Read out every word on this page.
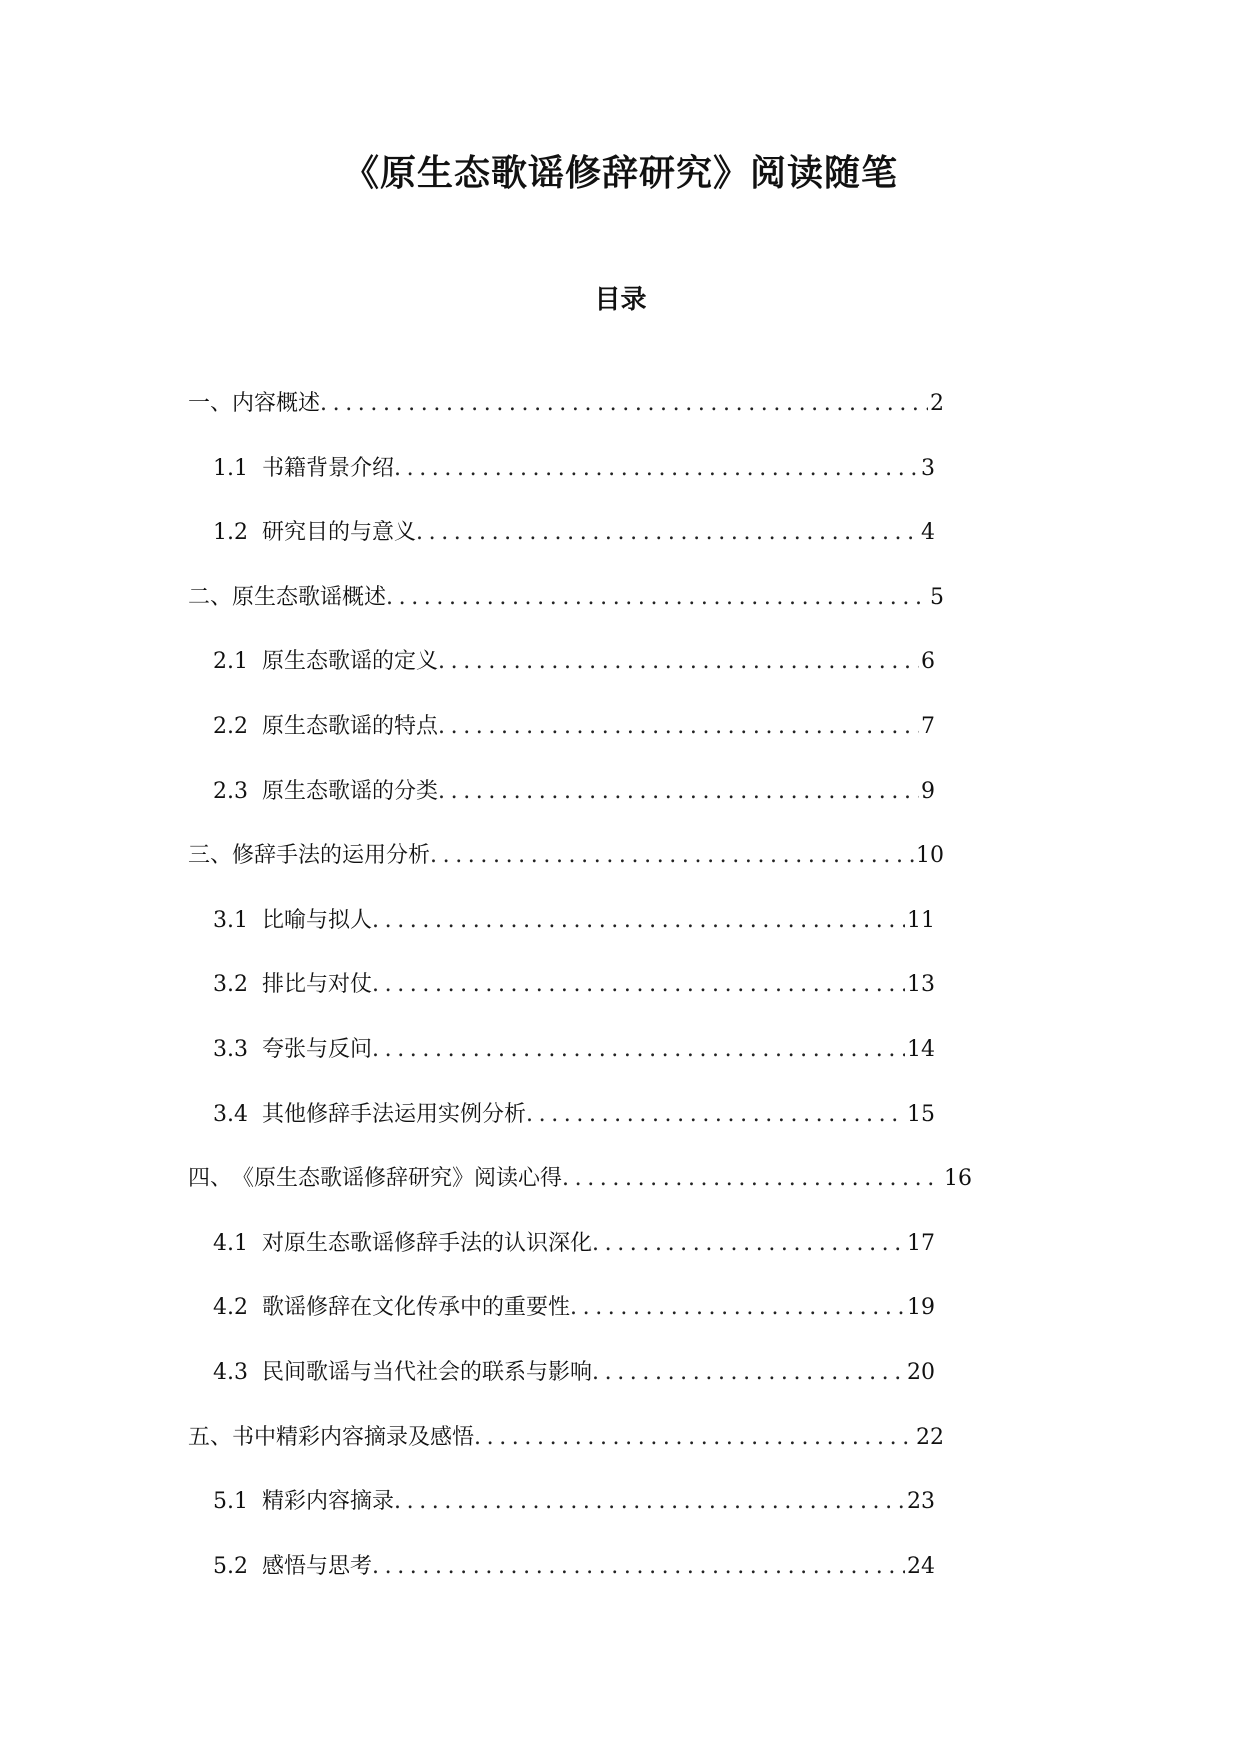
《原生态歌谣修辞研究》阅读随笔
目录
一、内容概述 .....	2
1.1 书籍背景介绍 .....	3
1.2 研究目的与意义 .....	4
二、原生态歌谣概述 .....	5
2.1 原生态歌谣的定义 .....	6
2.2 原生态歌谣的特点 .....	7
2.3 原生态歌谣的分类 .....	9
三、修辞手法的运用分析 .....	10
3.1 比喻与拟人 .....	11
3.2 排比与对仗 .....	13
3.3 夸张与反问 .....	14
3.4 其他修辞手法运用实例分析 .....	15
四、《原生态歌谣修辞研究》阅读心得 .....	16
4.1 对原生态歌谣修辞手法的认识深化 .....	17
4.2 歌谣修辞在文化传承中的重要性 .....	19
4.3 民间歌谣与当代社会的联系与影响 .....	20
五、书中精彩内容摘录及感悟 .....	22
5.1 精彩内容摘录 .....	23
5.2 感悟与思考 .....	24
